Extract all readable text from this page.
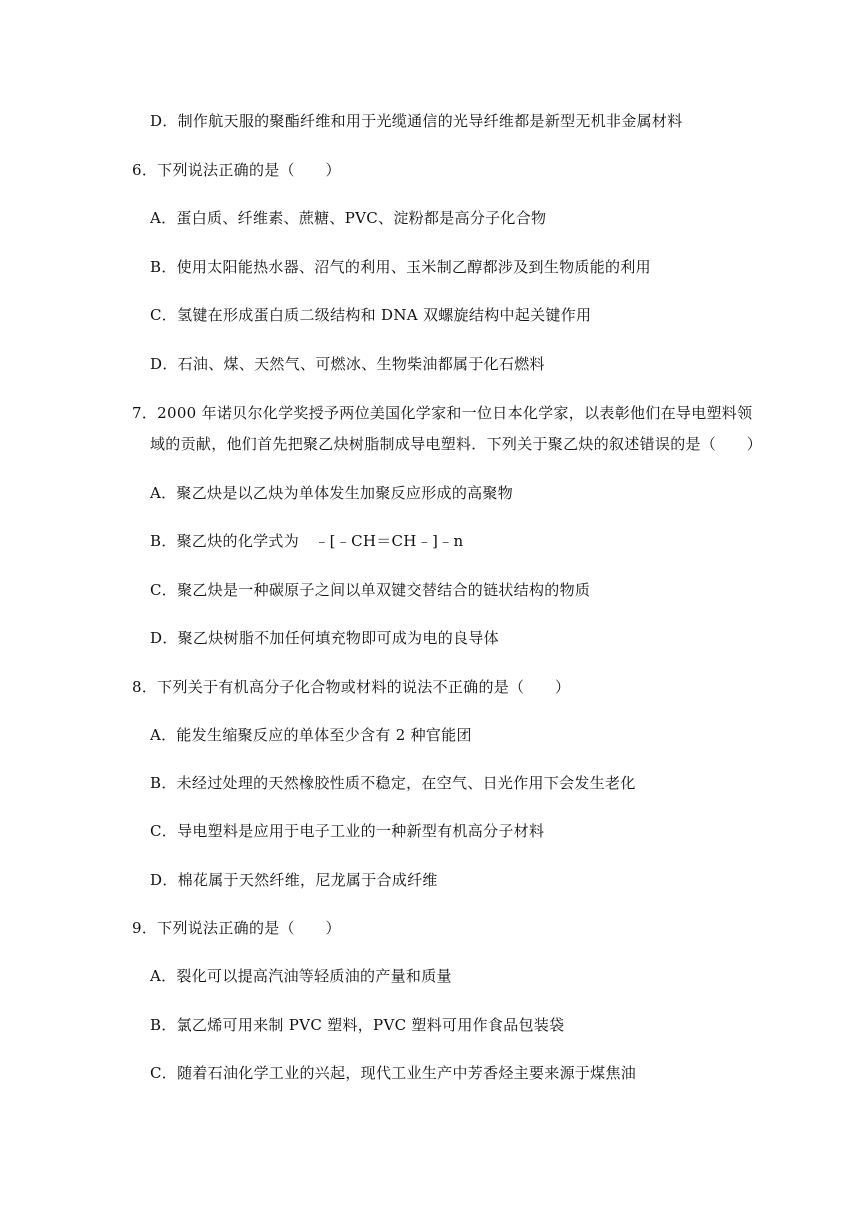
D．制作航天服的聚酯纤维和用于光缆通信的光导纤维都是新型无机非金属材料
6．下列说法正确的是（　　）
A．蛋白质、纤维素、蔗糖、PVC、淀粉都是高分子化合物
B．使用太阳能热水器、沼气的利用、玉米制乙醇都涉及到生物质能的利用
C．氢键在形成蛋白质二级结构和 DNA 双螺旋结构中起关键作用
D．石油、煤、天然气、可燃冰、生物柴油都属于化石燃料
7．2000 年诺贝尔化学奖授予两位美国化学家和一位日本化学家，以表彰他们在导电塑料领
域的贡献，他们首先把聚乙炔树脂制成导电塑料．下列关于聚乙炔的叙述错误的是（　　）
A．聚乙炔是以乙炔为单体发生加聚反应形成的高聚物
B．聚乙炔的化学式为　﹣[﹣CH＝CH﹣]﹣n
C．聚乙炔是一种碳原子之间以单双键交替结合的链状结构的物质
D．聚乙炔树脂不加任何填充物即可成为电的良导体
8．下列关于有机高分子化合物或材料的说法不正确的是（　　）
A．能发生缩聚反应的单体至少含有 2 种官能团
B．未经过处理的天然橡胶性质不稳定，在空气、日光作用下会发生老化
C．导电塑料是应用于电子工业的一种新型有机高分子材料
D．棉花属于天然纤维，尼龙属于合成纤维
9．下列说法正确的是（　　）
A．裂化可以提高汽油等轻质油的产量和质量
B．氯乙烯可用来制 PVC 塑料，PVC 塑料可用作食品包装袋
C．随着石油化学工业的兴起，现代工业生产中芳香烃主要来源于煤焦油
